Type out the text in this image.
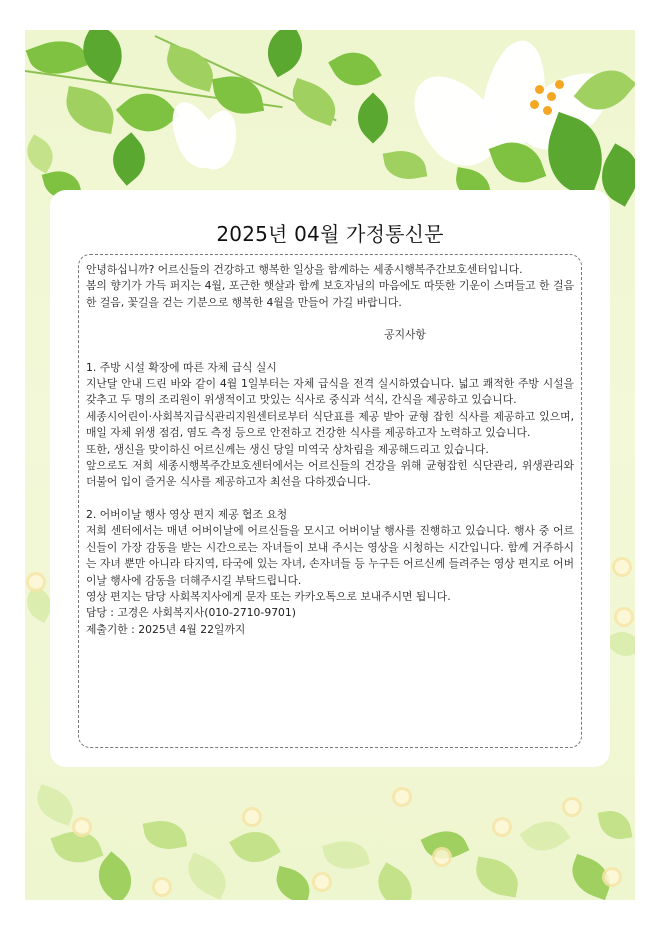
2025년 04월 가정통신문

안녕하십니까? 어르신들의 건강하고 행복한 일상을 함께하는 세종시행복주간보호센터입니다.

봄의 향기가 가득 퍼지는 4월, 포근한 햇살과 함께 보호자님의 마음에도 따뜻한 기운이 스며들고 한 걸음 한 걸음, 꽃길을 걷는 기분으로 행복한 4월을 만들어 가길 바랍니다.

공지사항

1. 주방 시설 확장에 따른 자체 급식 실시

지난달 안내 드린 바와 같이 4월 1일부터는 자체 급식을 전격 실시하였습니다. 넓고 쾌적한 주방 시설을 갖추고 두 명의 조리원이 위생적이고 맛있는 식사로 중식과 석식, 간식을 제공하고 있습니다.

세종시어린이·사회복지급식관리지원센터로부터 식단표를 제공 받아 균형 잡힌 식사를 제공하고 있으며, 매일 자체 위생 점검, 염도 측정 등으로 안전하고 건강한 식사를 제공하고자 노력하고 있습니다.

또한, 생신을 맞이하신 어르신께는 생신 당일 미역국 상차림을 제공해드리고 있습니다.

앞으로도 저희 세종시행복주간보호센터에서는 어르신들의 건강을 위해 균형잡힌 식단관리, 위생관리와 더불어 입이 즐거운 식사를 제공하고자 최선을 다하겠습니다.

2. 어버이날 행사 영상 편지 제공 협조 요청

저희 센터에서는 매년 어버이날에 어르신들을 모시고 어버이날 행사를 진행하고 있습니다. 행사 중 어르신들이 가장 감동을 받는 시간으로는 자녀들이 보내 주시는 영상을 시청하는 시간입니다. 함께 거주하시는 자녀 뿐만 아니라 타지역, 타국에 있는 자녀, 손자녀들 등 누구든 어르신께 들려주는 영상 편지로 어버이날 행사에 감동을 더해주시길 부탁드립니다.

영상 편지는 담당 사회복지사에게 문자 또는 카카오톡으로 보내주시면 됩니다.

담당 : 고경은 사회복지사(010-2710-9701)

제출기한 : 2025년 4월 22일까지
